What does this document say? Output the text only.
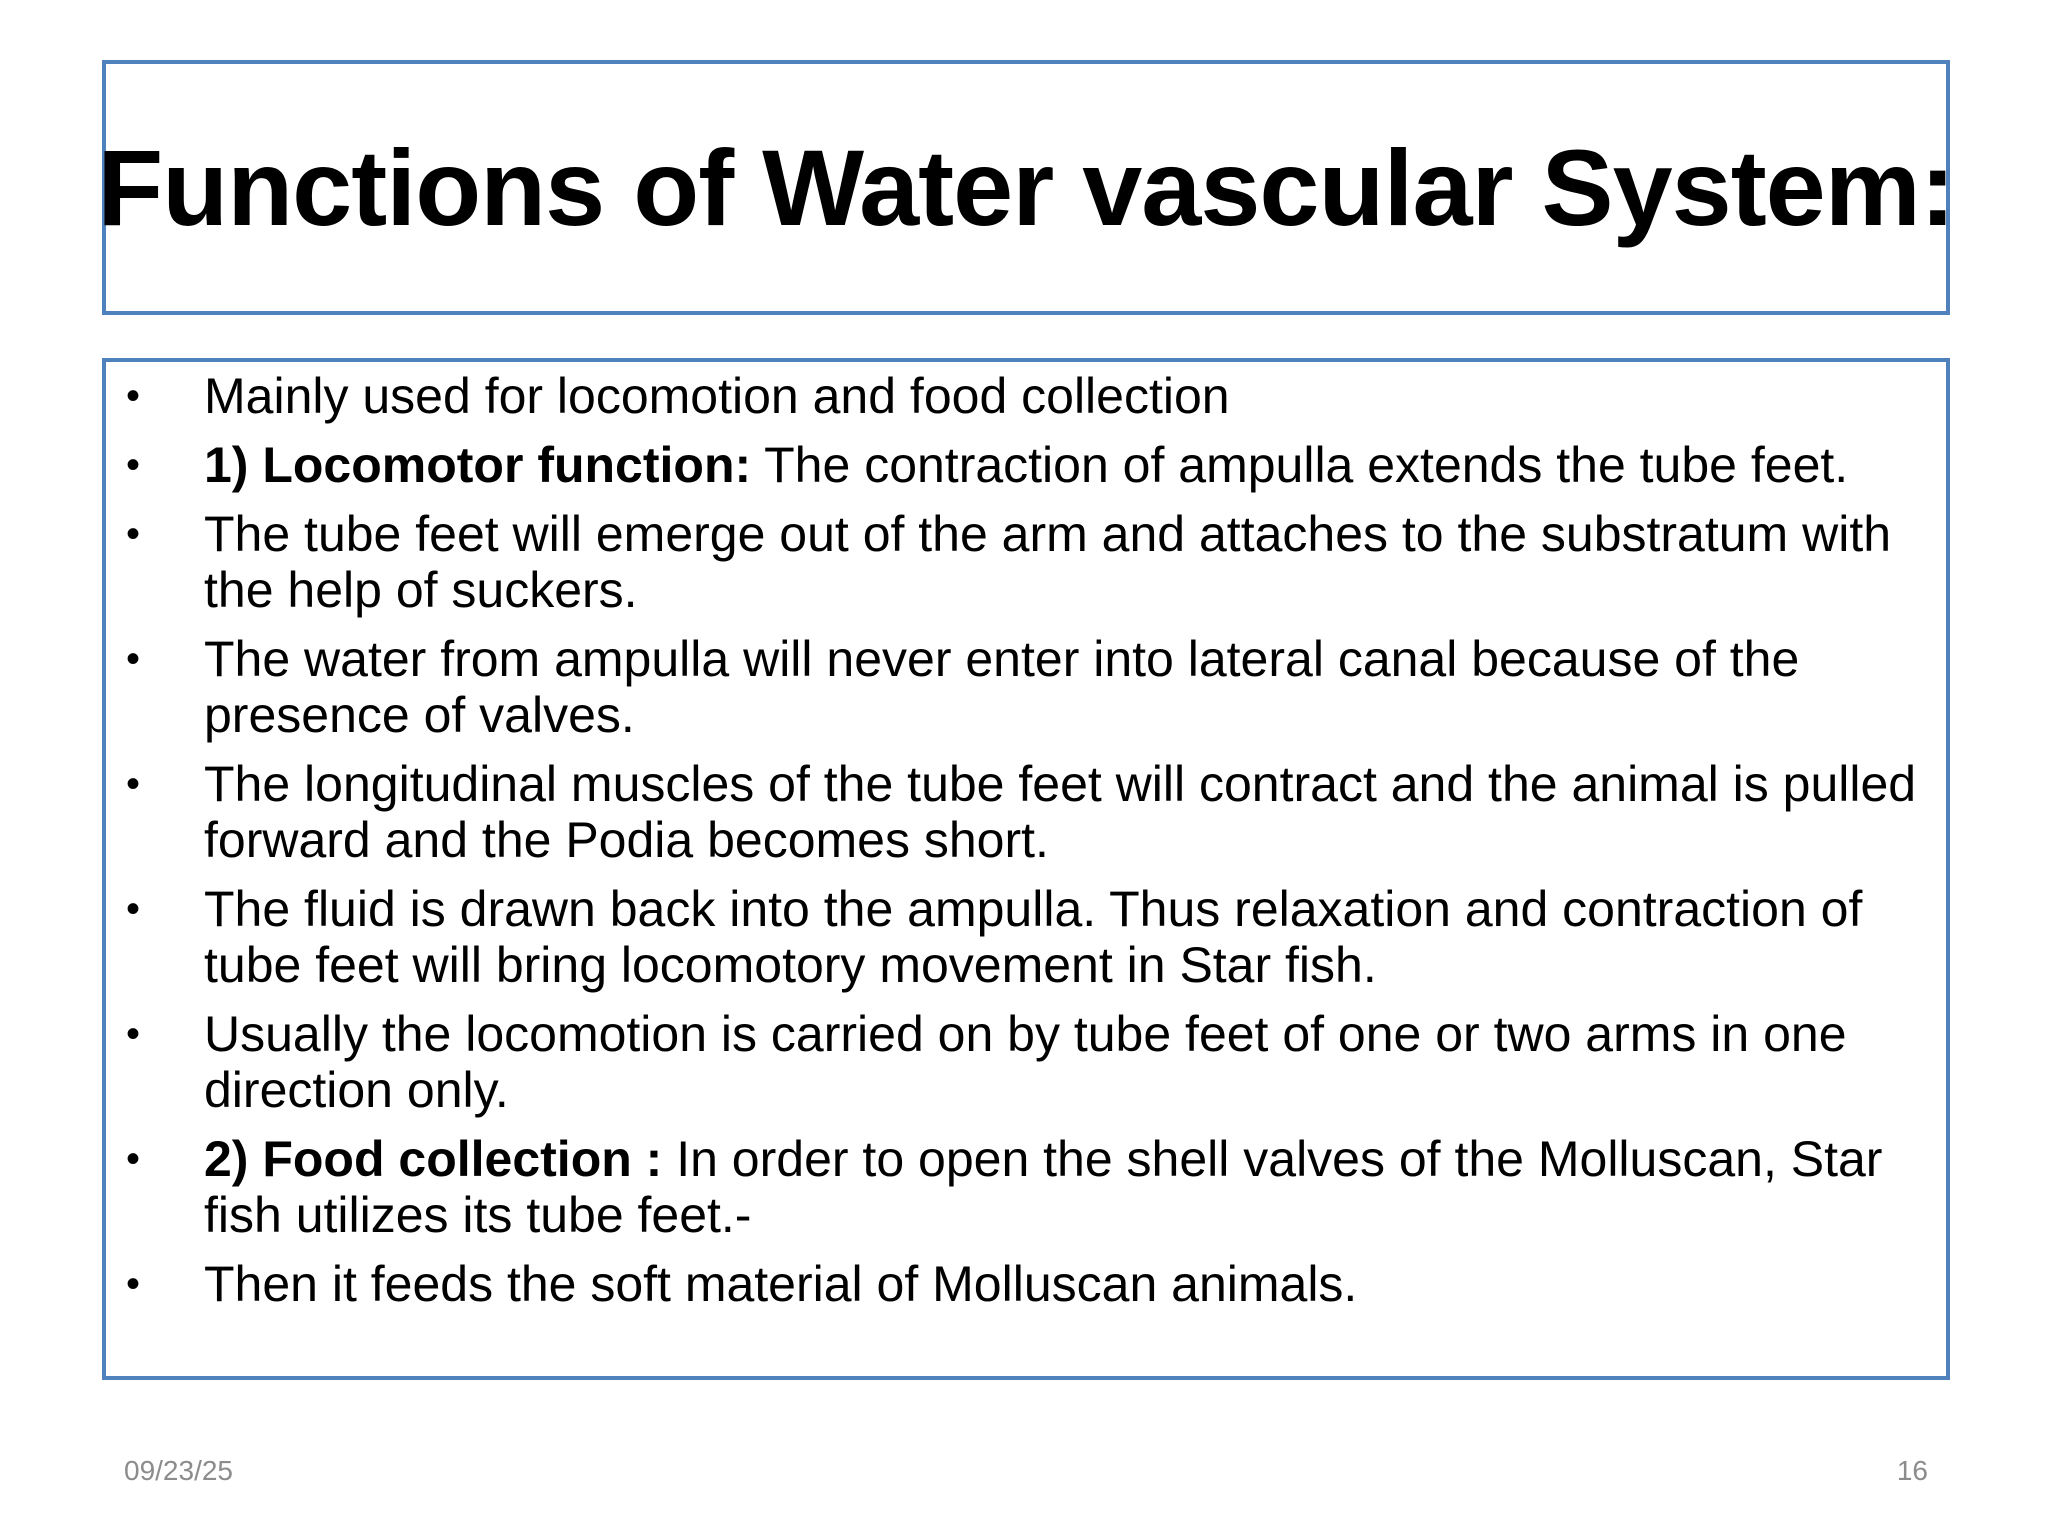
Functions of Water vascular System:
•	Mainly used for locomotion and food collection
•	1) Locomotor function: The contraction of ampulla extends the tube feet.
•	The tube feet will emerge out of the arm and attaches to the substratum with the help of suckers.
•	The water from ampulla will never enter into lateral canal because of the presence of valves.
•	The longitudinal muscles of the tube feet will contract and the animal is pulled forward and the Podia becomes short.
•	The fluid is drawn back into the ampulla. Thus relaxation and contraction of tube feet will bring locomotory movement in Star fish.
•	Usually the locomotion is carried on by tube feet of one or two arms in one direction only.
•	2) Food collection : In order to open the shell valves of the Molluscan, Star fish utilizes its tube feet.-
•	Then it feeds the soft material of Molluscan animals.
09/23/25	16
